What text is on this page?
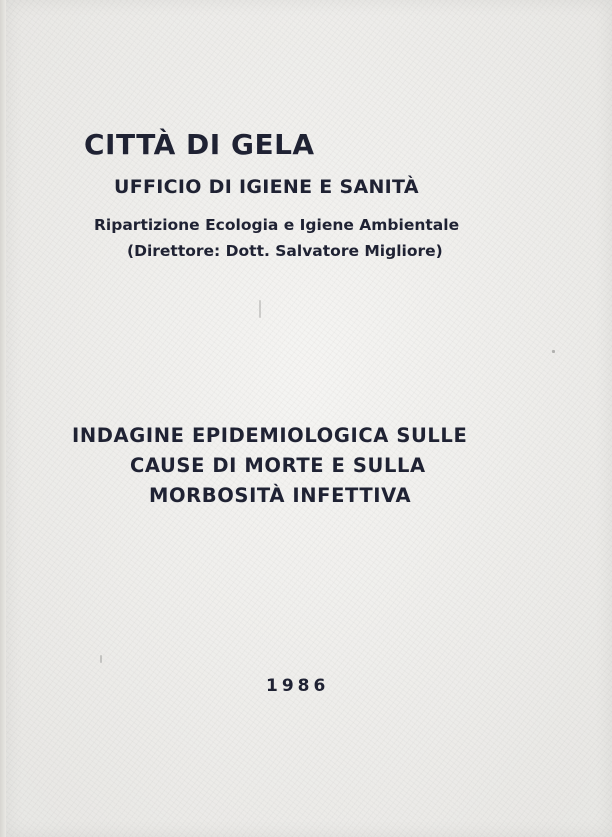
CITTÀ DI GELA
UFFICIO DI IGIENE E SANITÀ
Ripartizione Ecologia e Igiene Ambientale
(Direttore: Dott. Salvatore Migliore)
INDAGINE EPIDEMIOLOGICA SULLE
CAUSE DI MORTE E SULLA
MORBOSITÀ INFETTIVA
1986
